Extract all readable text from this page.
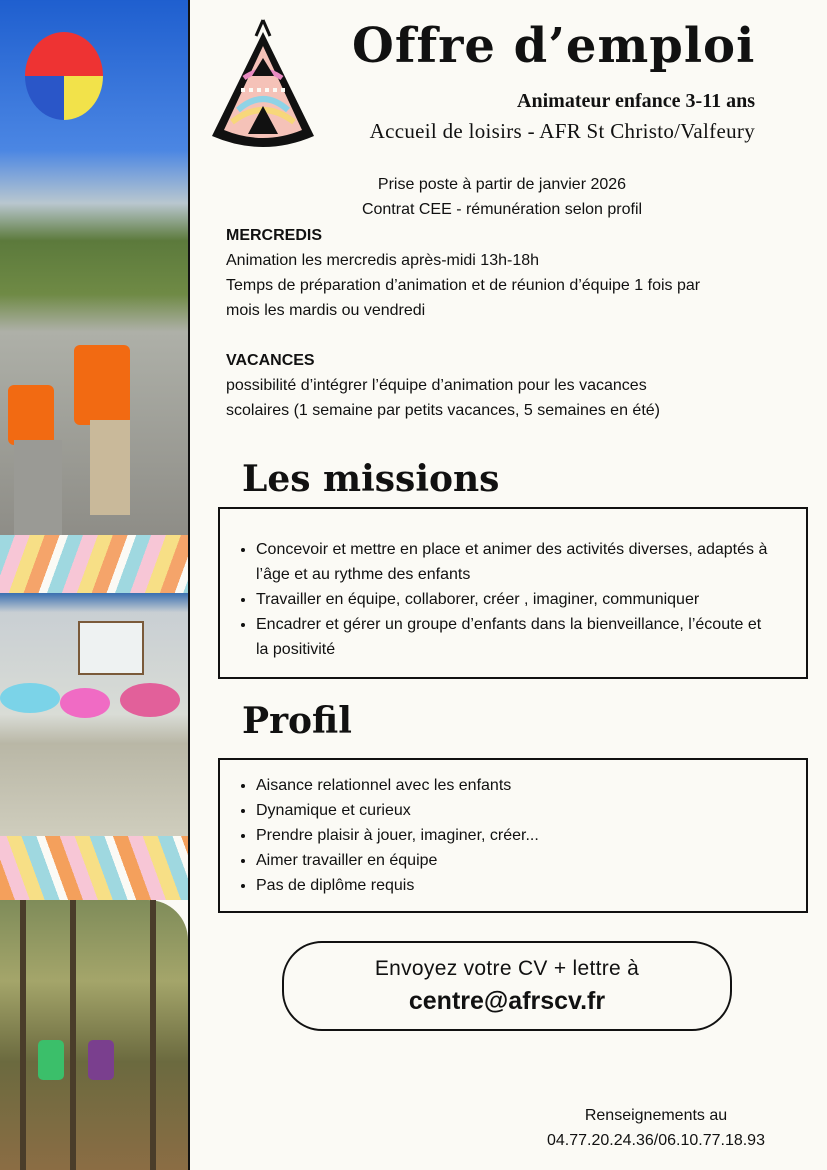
Offre d’emploi
Animateur enfance 3-11 ans
Accueil de loisirs - AFR St Christo/Valfeury
Prise poste à partir de janvier 2026
Contrat CEE - rémunération selon profil
MERCREDIS
Animation les mercredis après-midi 13h-18h
Temps de préparation d’animation et de réunion d’équipe 1 fois par
mois les mardis ou vendredi
VACANCES
possibilité d’intégrer l’équipe d’animation pour les vacances
scolaires (1 semaine par petits vacances, 5 semaines en été)
Les missions
• Concevoir et mettre en place et animer des activités diverses, adaptés à l’âge et au rythme des enfants
• Travailler en équipe, collaborer, créer , imaginer, communiquer
• Encadrer et gérer un groupe d’enfants dans la bienveillance, l’écoute et la positivité
Profil
• Aisance relationnel avec les enfants
• Dynamique et curieux
• Prendre plaisir à jouer, imaginer, créer...
• Aimer travailler en équipe
• Pas de diplôme requis
Envoyez votre CV + lettre à
centre@afrscv.fr
Renseignements au
04.77.20.24.36/06.10.77.18.93
